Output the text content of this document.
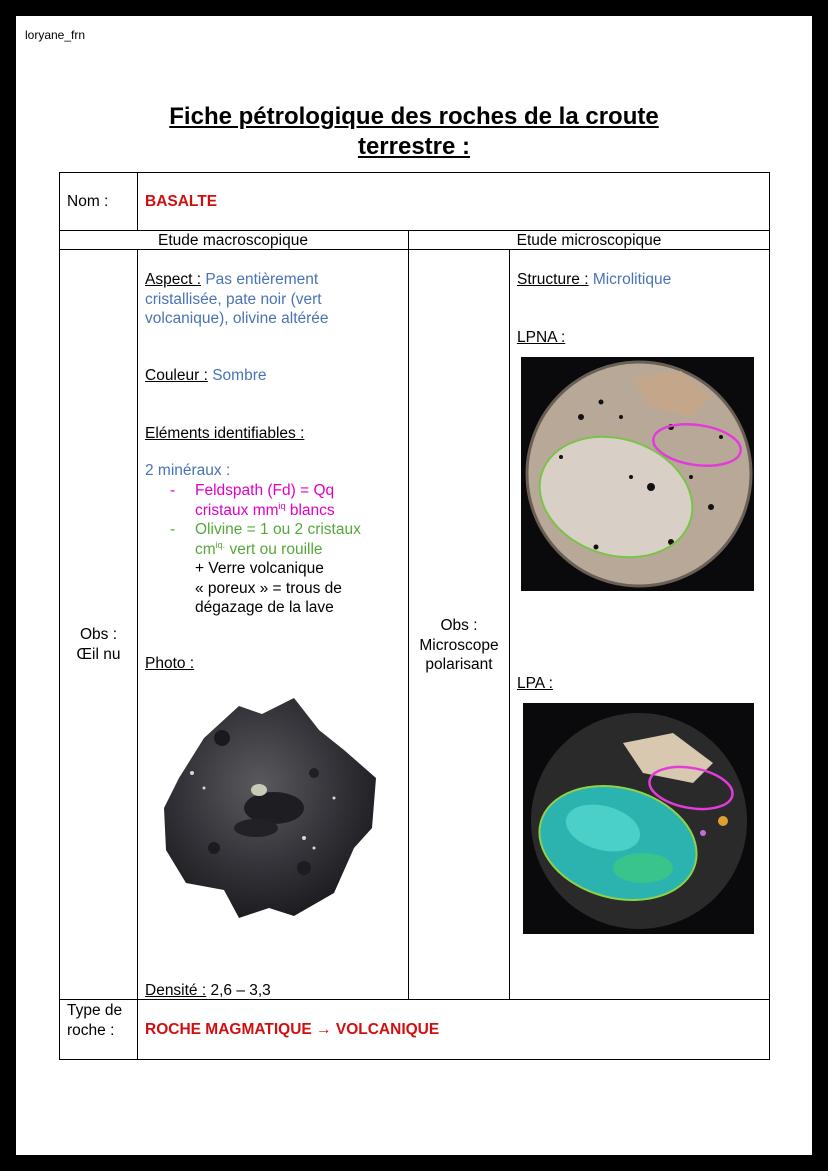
loryane_frn
Fiche pétrologique des roches de la croute
terrestre :
Nom : BASALTE
Etude macroscopique	Etude microscopique
Obs :
Œil nu
Aspect : Pas entièrement cristallisée, pate noir (vert volcanique), olivine altérée
Couleur : Sombre
Eléments identifiables :
2 minéraux :
- Feldspath (Fd) = Qq
cristaux $mm^{iq}$ blancs
- Olivine = 1 ou 2 cristaux
$cm^{iq.}$ vert ou rouille
+ Verre volcanique
« poreux » = trous de
dégazage de la lave
Photo :
Densité : 2,6 – 3,3
Obs :
Microscope
polarisant
Structure : Microlitique
LPNA :
LPA :
Type de
roche :	ROCHE MAGMATIQUE → VOLCANIQUE
